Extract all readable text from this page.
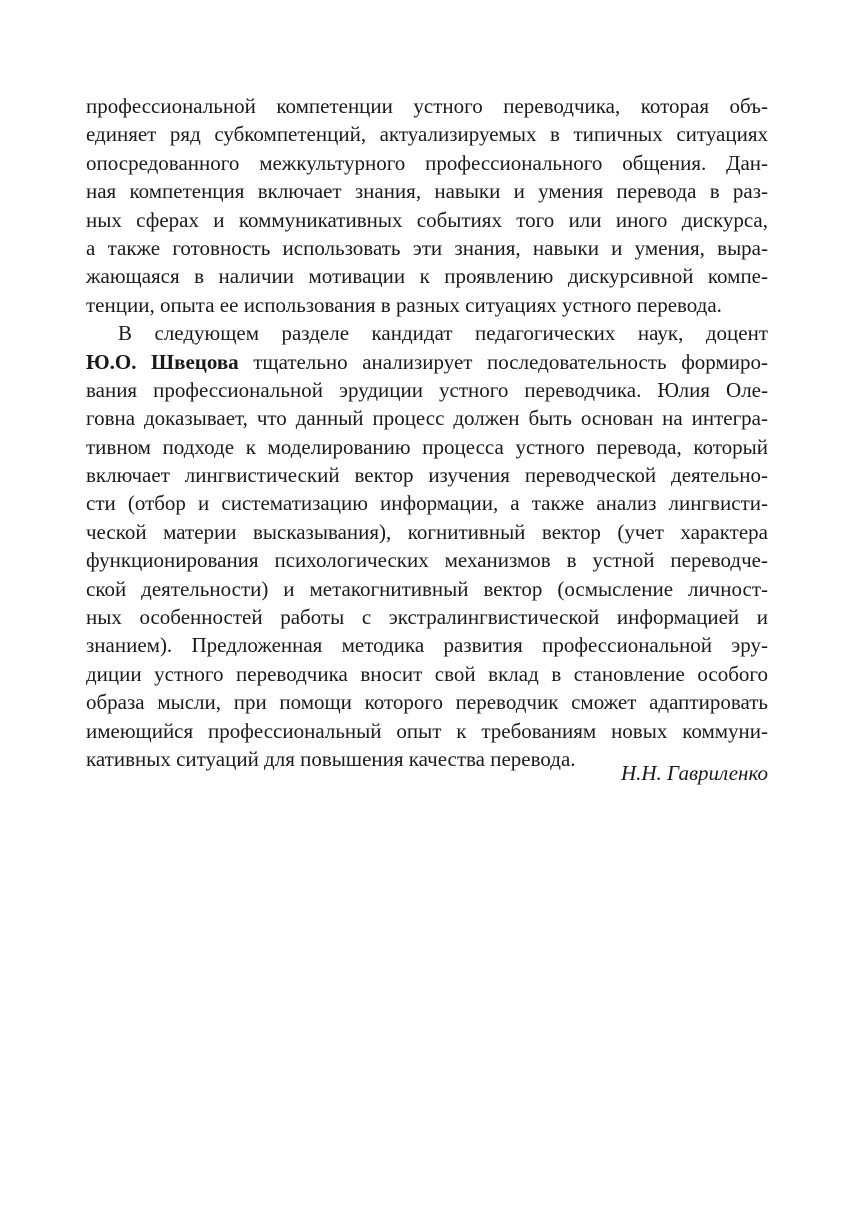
профессиональной компетенции устного переводчика, которая объ-
единяет ряд субкомпетенций, актуализируемых в типичных ситуациях
опосредованного межкультурного профессионального общения. Дан-
ная компетенция включает знания, навыки и умения перевода в раз-
ных сферах и коммуникативных событиях того или иного дискурса,
а также готовность использовать эти знания, навыки и умения, выра-
жающаяся в наличии мотивации к проявлению дискурсивной компе-
тенции, опыта ее использования в разных ситуациях устного перевода.
В следующем разделе кандидат педагогических наук, доцент
Ю.О. Швецова тщательно анализирует последовательность формиро-
вания профессиональной эрудиции устного переводчика. Юлия Оле-
говна доказывает, что данный процесс должен быть основан на интегра-
тивном подходе к моделированию процесса устного перевода, который
включает лингвистический вектор изучения переводческой деятельно-
сти (отбор и систематизацию информации, а также анализ лингвисти-
ческой материи высказывания), когнитивный вектор (учет характера
функционирования психологических механизмов в устной переводче-
ской деятельности) и метакогнитивный вектор (осмысление личност-
ных особенностей работы с экстралингвистической информацией и
знанием). Предложенная методика развития профессиональной эру-
диции устного переводчика вносит свой вклад в становление особого
образа мысли, при помощи которого переводчик сможет адаптировать
имеющийся профессиональный опыт к требованиям новых коммуни-
кативных ситуаций для повышения качества перевода.
Н.Н. Гавриленко
